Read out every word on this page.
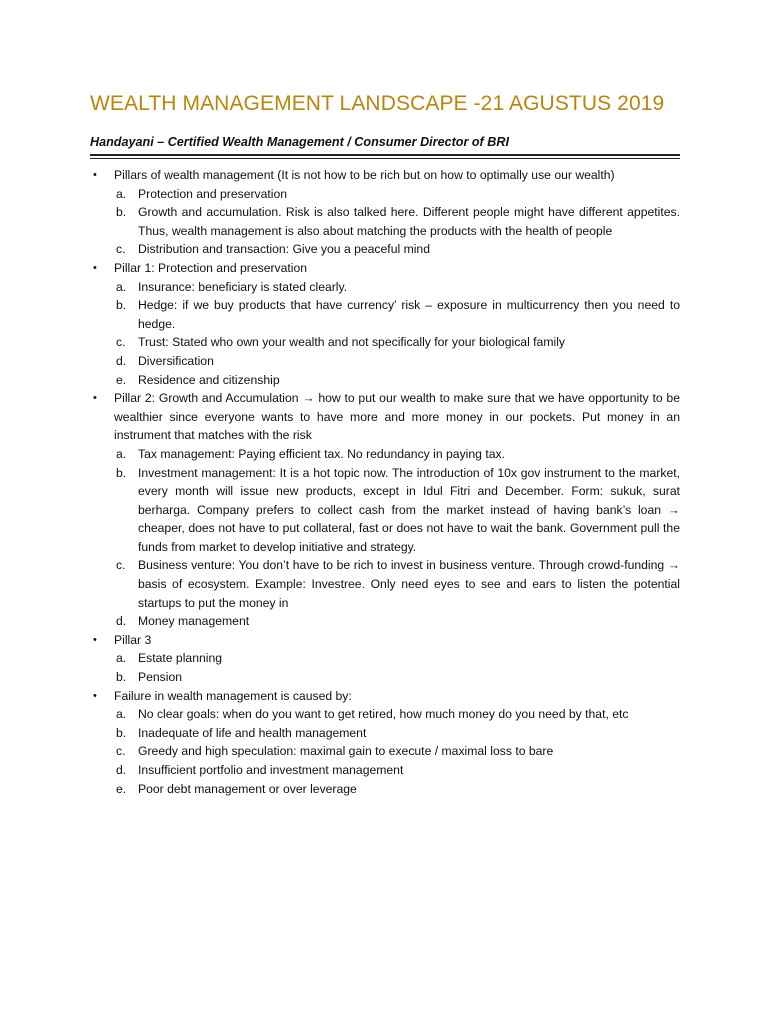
WEALTH MANAGEMENT LANDSCAPE -21 AGUSTUS 2019

Handayani – Certified Wealth Management / Consumer Director of BRI

• Pillars of wealth management (It is not how to be rich but on how to optimally use our wealth)
a. Protection and preservation
b. Growth and accumulation. Risk is also talked here. Different people might have different appetites. Thus, wealth management is also about matching the products with the health of people
c. Distribution and transaction: Give you a peaceful mind
• Pillar 1: Protection and preservation
a. Insurance: beneficiary is stated clearly.
b. Hedge: if we buy products that have currency’ risk – exposure in multicurrency then you need to hedge.
c. Trust: Stated who own your wealth and not specifically for your biological family
d. Diversification
e. Residence and citizenship
• Pillar 2: Growth and Accumulation → how to put our wealth to make sure that we have opportunity to be wealthier since everyone wants to have more and more money in our pockets. Put money in an instrument that matches with the risk
a. Tax management: Paying efficient tax. No redundancy in paying tax.
b. Investment management: It is a hot topic now. The introduction of 10x gov instrument to the market, every month will issue new products, except in Idul Fitri and December. Form: sukuk, surat berharga. Company prefers to collect cash from the market instead of having bank’s loan → cheaper, does not have to put collateral, fast or does not have to wait the bank. Government pull the funds from market to develop initiative and strategy.
c. Business venture: You don’t have to be rich to invest in business venture. Through crowd-funding → basis of ecosystem. Example: Investree. Only need eyes to see and ears to listen the potential startups to put the money in
d. Money management
• Pillar 3
a. Estate planning
b. Pension
• Failure in wealth management is caused by:
a. No clear goals: when do you want to get retired, how much money do you need by that, etc
b. Inadequate of life and health management
c. Greedy and high speculation: maximal gain to execute / maximal loss to bare
d. Insufficient portfolio and investment management
e. Poor debt management or over leverage
